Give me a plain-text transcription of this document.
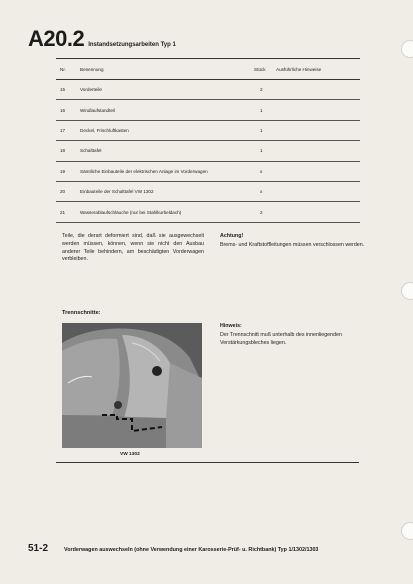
A20.2 Instandsetzungsarbeiten Typ 1
Nr.	Benennung	Stück	Ausführliche Hinweise
15	Vorderteile	2
16	Windlaufstandteil	1
17	Deckel, Frischluftkasten	1
18	Schalttafel	1
19	Sämtliche Einbauteile der elektrischen Anlage im Vorderwagen	x
20	Einbauteile der Schalttafel VW 1302	x
21	Wasserablaufschläuche (nur bei Stahlkurbeldach)	2
Teile, die derart deformiert sind, daß sie ausgewechselt werden müssen, können, wenn sie nicht den Ausbau anderer Teile behindern, am beschädigten Vorderwagen verbleiben.
Achtung!
Brems- und Kraftstoffleitungen müssen verschlossen werden.
Trennschnitte:
Hinweis:
Der Trennschnitt muß unterhalb des innenliegenden Verstärkungsbleches liegen.
VW 1302
51-2	Vorderwagen auswechseln (ohne Verwendung einer Karosserie-Prüf- u. Richtbank) Typ 1/1302/1303
